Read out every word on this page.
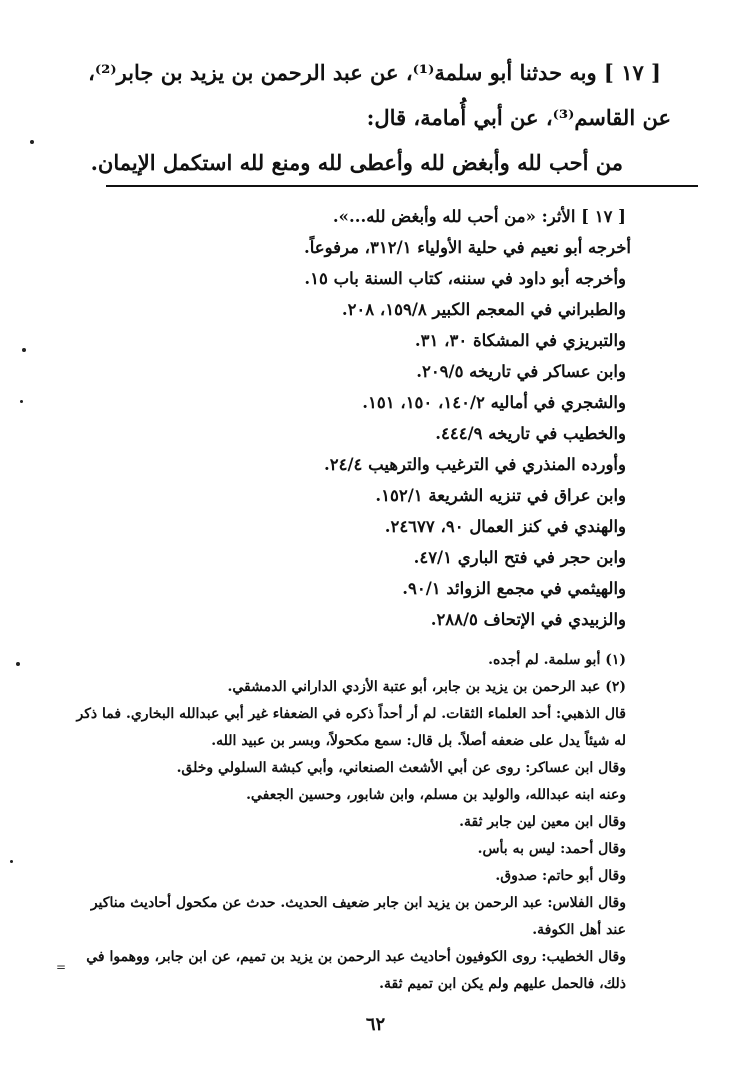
[ ١٧ ] وبه حدثنا أبو سلمة⁽¹⁾، عن عبد الرحمن بن يزيد بن جابر⁽²⁾،
عن القاسم⁽³⁾، عن أبي أُمامة، قال:
من أحب لله وأبغض لله وأعطى لله ومنع لله استكمل الإيمان.
[ ١٧ ] الأثر: «من أحب لله وأبغض لله...».
أخرجه أبو نعيم في حلية الأولياء ٣١٢/١، مرفوعاً.
وأخرجه أبو داود في سننه، كتاب السنة باب ١٥.
والطبراني في المعجم الكبير ١٥٩/٨، ٢٠٨.
والتبريزي في المشكاة ٣٠، ٣١.
وابن عساكر في تاريخه ٢٠٩/٥.
والشجري في أماليه ١٤٠/٢، ١٥٠، ١٥١.
والخطيب في تاريخه ٤٤٤/٩.
وأورده المنذري في الترغيب والترهيب ٢٤/٤.
وابن عراق في تنزيه الشريعة ١٥٢/١.
والهندي في كنز العمال ٩٠، ٢٤٦٧٧.
وابن حجر في فتح الباري ٤٧/١.
والهيثمي في مجمع الزوائد ٩٠/١.
والزبيدي في الإتحاف ٢٨٨/٥.
(١) أبو سلمة. لم أجده.
(٢) عبد الرحمن بن يزيد بن جابر، أبو عتبة الأزدي الداراني الدمشقي.
قال الذهبي: أحد العلماء الثقات. لم أر أحداً ذكره في الضعفاء غير أبي عبدالله البخاري. فما ذكر
له شيئاً يدل على ضعفه أصلاً. بل قال: سمع مكحولاً، وبسر بن عبيد الله.
وقال ابن عساكر: روى عن أبي الأشعث الصنعاني، وأبي كبشة السلولي وخلق.
وعنه ابنه عبدالله، والوليد بن مسلم، وابن شابور، وحسين الجعفي.
وقال ابن معين لين جابر ثقة.
وقال أحمد: ليس به بأس.
وقال أبو حاتم: صدوق.
وقال الفلاس: عبد الرحمن بن يزيد ابن جابر ضعيف الحديث. حدث عن مكحول أحاديث مناكير
عند أهل الكوفة.
وقال الخطيب: روى الكوفيون أحاديث عبد الرحمن بن يزيد بن تميم، عن ابن جابر، ووهموا في
ذلك، فالحمل عليهم ولم يكن ابن تميم ثقة.
٦٢
=
